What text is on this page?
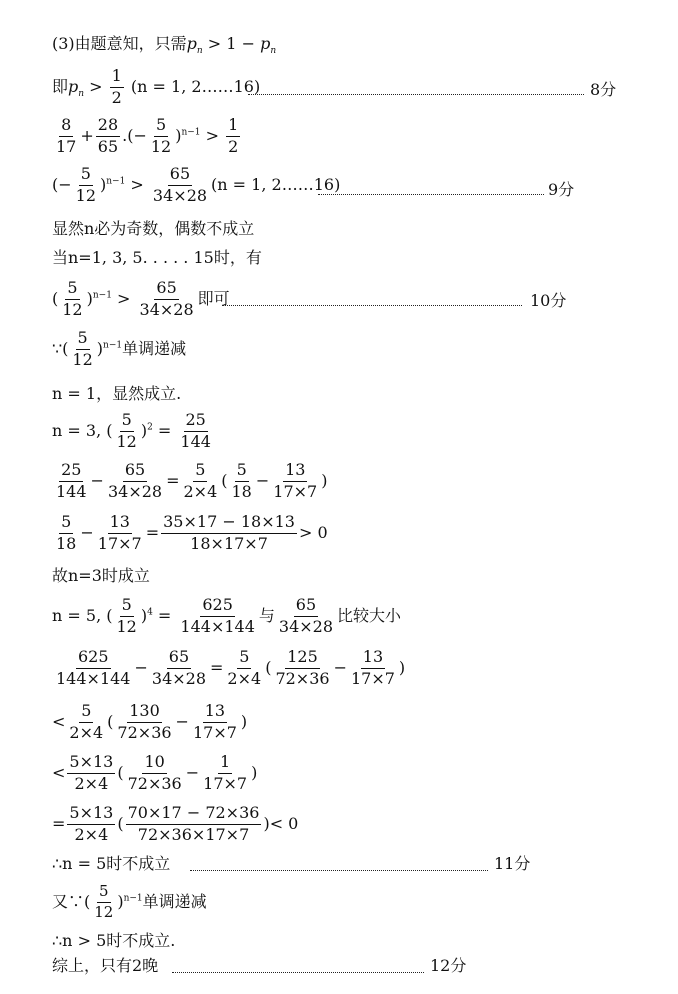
(3)由题意知，只需$p_n > 1 - p_n$
即$p_n > \frac{1}{2} (n = 1$, 2……16)	8分
$\frac{8}{17} + \frac{28}{65}$ .(− $\frac{5}{12} )^{n-1} > \frac{1}{2}$
(− $\frac{5}{12} )^{n-1} > \frac{65}{34\times 28} (n = 1$, 2……16)	9分
显然n必为奇数，偶数不成立
当n=1, 3, 5. . . . . 15时，有
( $\frac{5}{12} )^{n-1} > \frac{65}{34\times 28}$ 即可	10分
∵( $\frac{5}{12} )^{n-1}$单调递减
n = 1，显然成立.
n = 3, ( $\frac{5}{12} )^2 = \frac{25}{144}$
$\frac{25}{144} - \frac{65}{34\times 28} = \frac{5}{2\times 4}$ ( $\frac{5}{18} - \frac{13}{17\times 7}$ )
$\frac{5}{18} - \frac{13}{17\times 7} = \frac{35\times 17 - 18\times 13}{18\times 17\times 7} > 0$
故n=3时成立
n = 5, ( $\frac{5}{12} )^4 = \frac{625}{144\times 144}$ 与 $\frac{65}{34\times 28}$ 比较大小
$\frac{625}{144\times 144} - \frac{65}{34\times 28} = \frac{5}{2\times 4}$ ( $\frac{125}{72\times 36} - \frac{13}{17\times 7}$ )
< $\frac{5}{2\times 4}$ ( $\frac{130}{72\times 36} - \frac{13}{17\times 7}$ )
< $\frac{5\times 13}{2\times 4}$ ( $\frac{10}{72\times 36} - \frac{1}{17\times 7}$ )
= $\frac{5\times 13}{2\times 4}$ ( $\frac{70\times 17 - 72\times 36}{72\times 36\times 17\times 7}$ )< 0
∴n = 5时不成立	11分
又∵( $\frac{5}{12} )^{n-1}$单调递减
∴n > 5时不成立.
综上，只有2晚	12分
